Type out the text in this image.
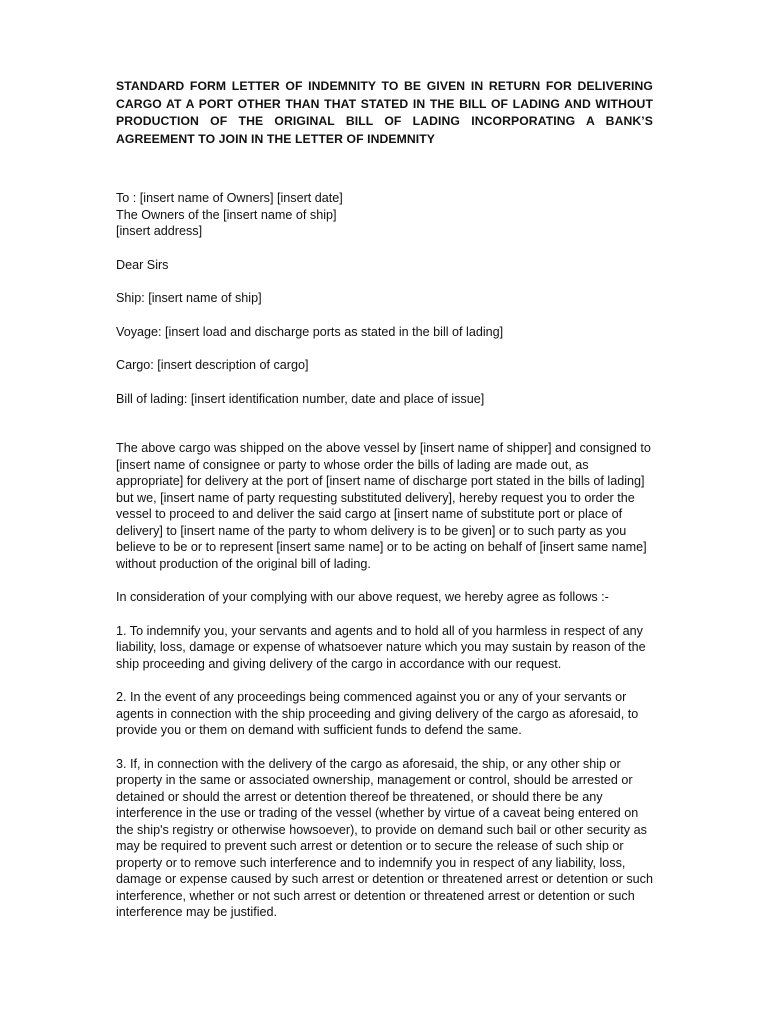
STANDARD FORM LETTER OF INDEMNITY TO BE GIVEN IN RETURN FOR DELIVERING CARGO AT A PORT OTHER THAN THAT STATED IN THE BILL OF LADING AND WITHOUT PRODUCTION OF THE ORIGINAL BILL OF LADING INCORPORATING A BANK’S AGREEMENT TO JOIN IN THE LETTER OF INDEMNITY

To : [insert name of Owners] [insert date]
The Owners of the [insert name of ship]
[insert address]

Dear Sirs

Ship: [insert name of ship]

Voyage: [insert load and discharge ports as stated in the bill of lading]

Cargo: [insert description of cargo]

Bill of lading: [insert identification number, date and place of issue]

The above cargo was shipped on the above vessel by [insert name of shipper] and consigned to [insert name of consignee or party to whose order the bills of lading are made out, as appropriate] for delivery at the port of [insert name of discharge port stated in the bills of lading] but we, [insert name of party requesting substituted delivery], hereby request you to order the vessel to proceed to and deliver the said cargo at [insert name of substitute port or place of delivery] to [insert name of the party to whom delivery is to be given] or to such party as you believe to be or to represent [insert same name] or to be acting on behalf of [insert same name] without production of the original bill of lading.

In consideration of your complying with our above request, we hereby agree as follows :-

1. To indemnify you, your servants and agents and to hold all of you harmless in respect of any liability, loss, damage or expense of whatsoever nature which you may sustain by reason of the ship proceeding and giving delivery of the cargo in accordance with our request.

2. In the event of any proceedings being commenced against you or any of your servants or agents in connection with the ship proceeding and giving delivery of the cargo as aforesaid, to provide you or them on demand with sufficient funds to defend the same.

3. If, in connection with the delivery of the cargo as aforesaid, the ship, or any other ship or property in the same or associated ownership, management or control, should be arrested or detained or should the arrest or detention thereof be threatened, or should there be any interference in the use or trading of the vessel (whether by virtue of a caveat being entered on the ship's registry or otherwise howsoever), to provide on demand such bail or other security as may be required to prevent such arrest or detention or to secure the release of such ship or property or to remove such interference and to indemnify you in respect of any liability, loss, damage or expense caused by such arrest or detention or threatened arrest or detention or such interference, whether or not such arrest or detention or threatened arrest or detention or such interference may be justified.
